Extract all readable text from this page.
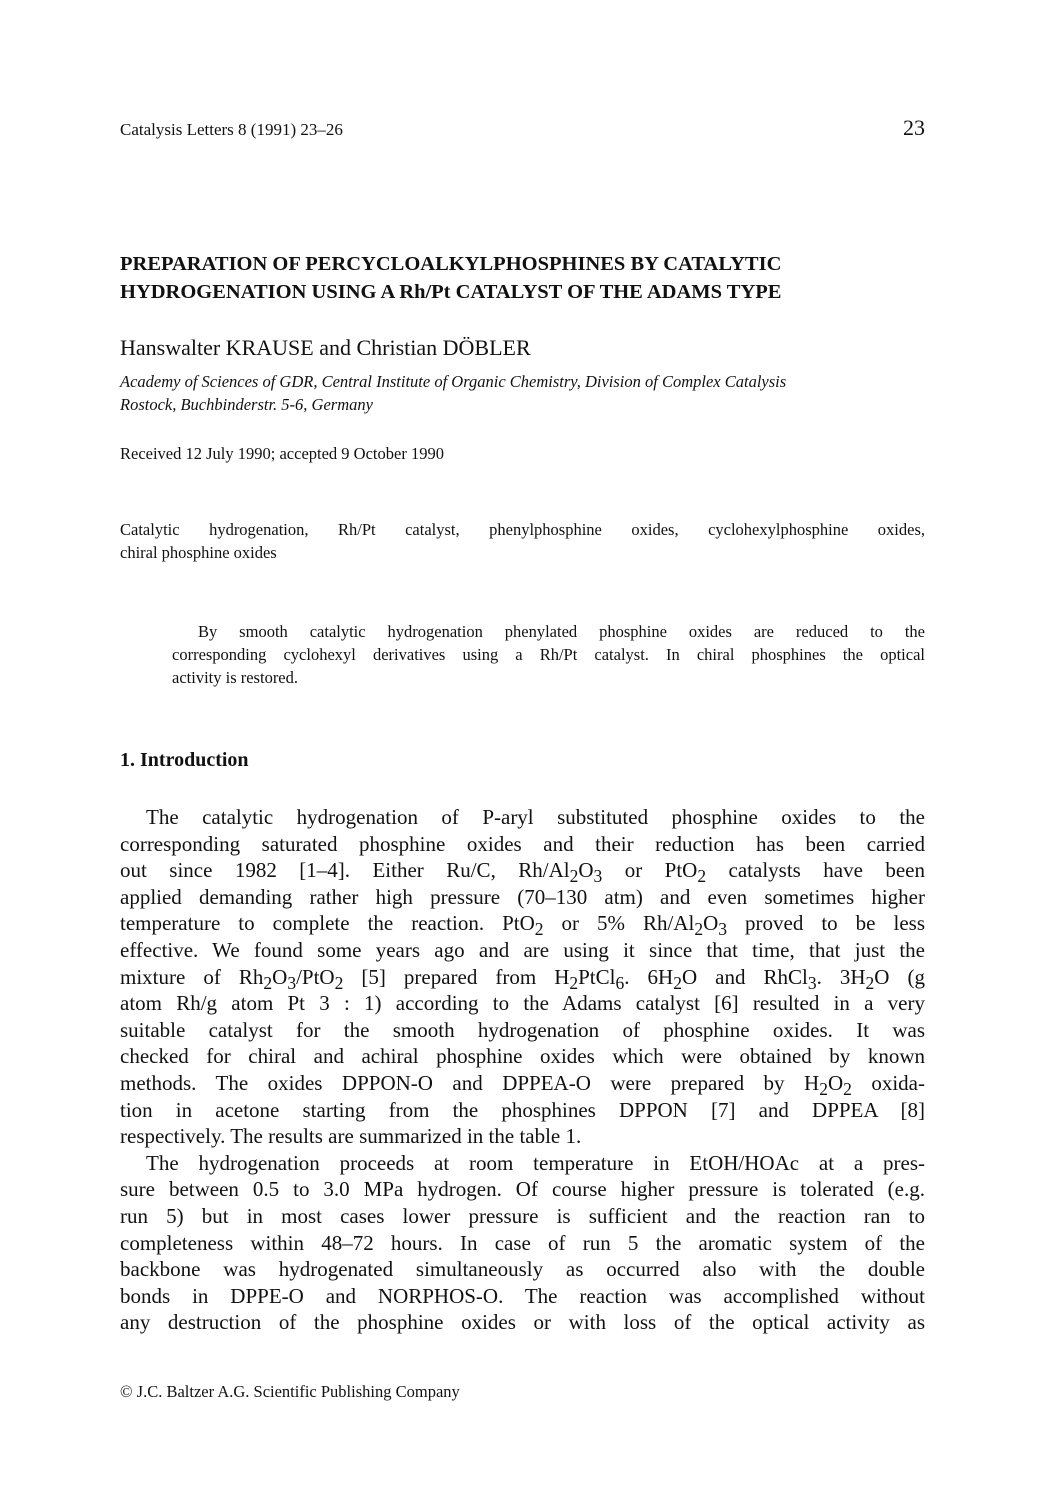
Catalysis Letters 8 (1991) 23–26	23
PREPARATION OF PERCYCLOALKYLPHOSPHINES BY CATALYTIC
HYDROGENATION USING A Rh/Pt CATALYST OF THE ADAMS TYPE
Hanswalter KRAUSE and Christian DÖBLER
Academy of Sciences of GDR, Central Institute of Organic Chemistry, Division of Complex Catalysis
Rostock, Buchbinderstr. 5-6, Germany
Received 12 July 1990; accepted 9 October 1990
Catalytic hydrogenation, Rh/Pt catalyst, phenylphosphine oxides, cyclohexylphosphine oxides,
chiral phosphine oxides
By smooth catalytic hydrogenation phenylated phosphine oxides are reduced to the
corresponding cyclohexyl derivatives using a Rh/Pt catalyst. In chiral phosphines the optical
activity is restored.
1. Introduction
The catalytic hydrogenation of P-aryl substituted phosphine oxides to the
corresponding saturated phosphine oxides and their reduction has been carried
out since 1982 [1–4]. Either Ru/C, $Rh/Al_2O_3$ or PtO$_2$ catalysts have been
applied demanding rather high pressure (70–130 atm) and even sometimes higher
temperature to complete the reaction. PtO$_2$ or 5% $Rh/Al_2O_3$ proved to be less
effective. We found some years ago and are using it since that time, that just the
mixture of $Rh_2O_3/PtO_2$ [5] prepared from $H_2PtCl_6$. $6H_2O$ and RhCl$_3$. $3H_2O$ (g
atom Rh/g atom Pt 3 : 1) according to the Adams catalyst [6] resulted in a very
suitable catalyst for the smooth hydrogenation of phosphine oxides. It was
checked for chiral and achiral phosphine oxides which were obtained by known
methods. The oxides DPPON-O and DPPEA-O were prepared by $H_2O_2$ oxida-
tion in acetone starting from the phosphines DPPON [7] and DPPEA [8]
respectively. The results are summarized in the table 1.
The hydrogenation proceeds at room temperature in EtOH/HOAc at a pres-
sure between 0.5 to 3.0 MPa hydrogen. Of course higher pressure is tolerated (e.g.
run 5) but in most cases lower pressure is sufficient and the reaction ran to
completeness within 48–72 hours. In case of run 5 the aromatic system of the
backbone was hydrogenated simultaneously as occurred also with the double
bonds in DPPE-O and NORPHOS-O. The reaction was accomplished without
any destruction of the phosphine oxides or with loss of the optical activity as
© J.C. Baltzer A.G. Scientific Publishing Company
